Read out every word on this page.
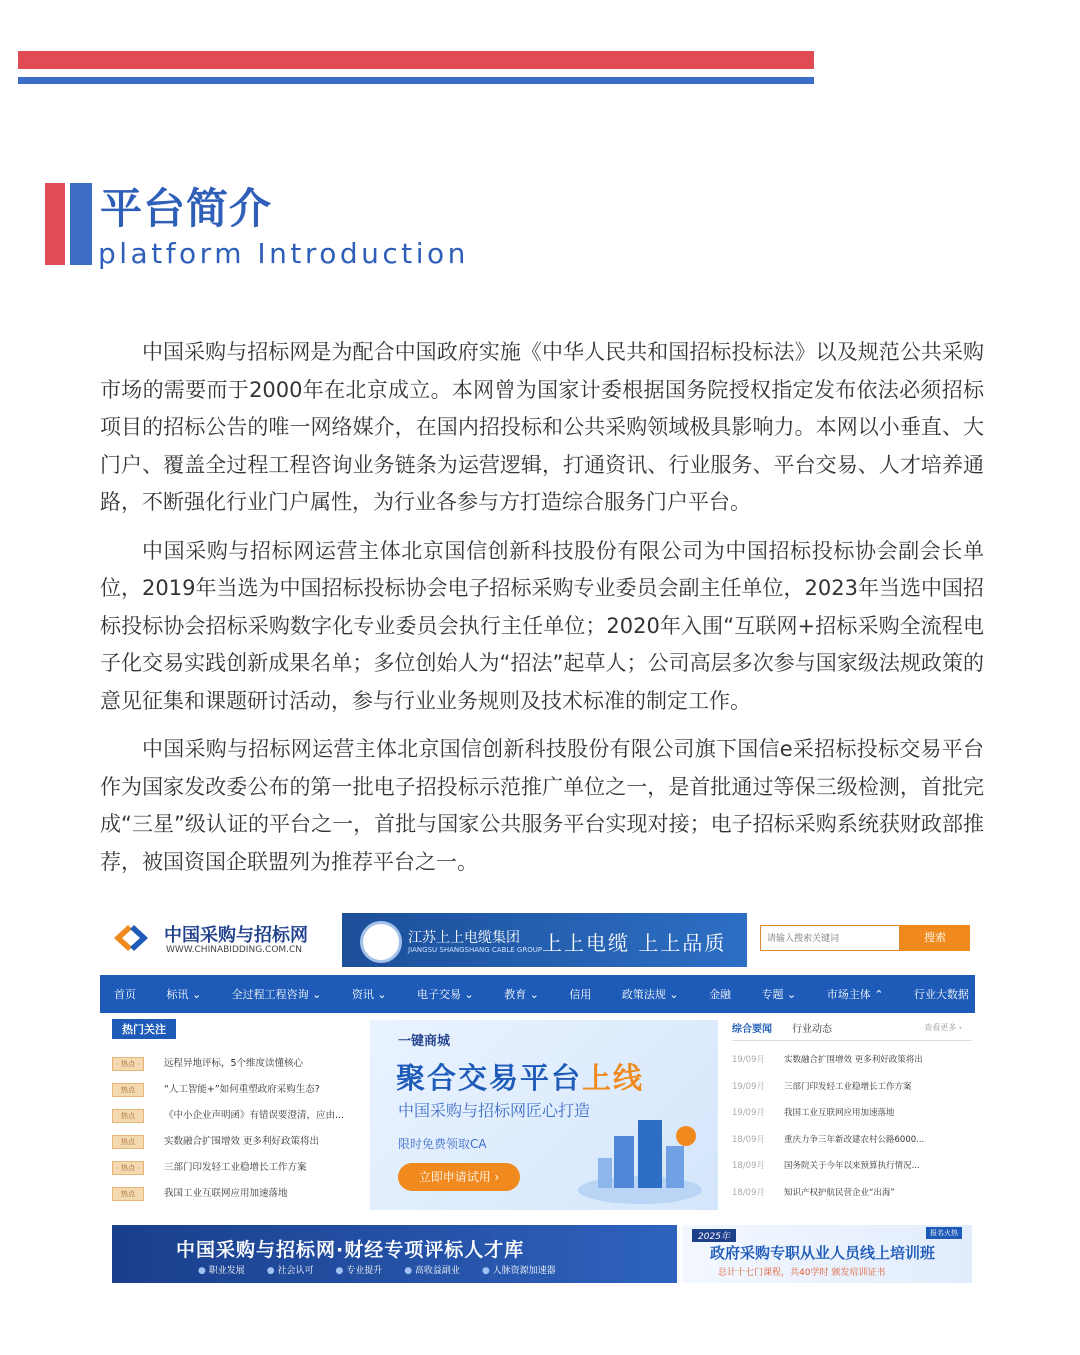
平台简介
platform Introduction

中国采购与招标网是为配合中国政府实施《中华人民共和国招标投标法》以及规范公共采购市场的需要而于2000年在北京成立。本网曾为国家计委根据国务院授权指定发布依法必须招标项目的招标公告的唯一网络媒介，在国内招投标和公共采购领域极具影响力。本网以小垂直、大门户、覆盖全过程工程咨询业务链条为运营逻辑，打通资讯、行业服务、平台交易、人才培养通路，不断强化行业门户属性，为行业各参与方打造综合服务门户平台。

中国采购与招标网运营主体北京国信创新科技股份有限公司为中国招标投标协会副会长单位，2019年当选为中国招标投标协会电子招标采购专业委员会副主任单位，2023年当选中国招标投标协会招标采购数字化专业委员会执行主任单位；2020年入围“互联网+招标采购全流程电子化交易实践创新成果名单；多位创始人为“招法”起草人；公司高层多次参与国家级法规政策的意见征集和课题研讨活动，参与行业业务规则及技术标准的制定工作。

中国采购与招标网运营主体北京国信创新科技股份有限公司旗下国信e采招标投标交易平台作为国家发改委公布的第一批电子招投标示范推广单位之一，是首批通过等保三级检测，首批完成“三星”级认证的平台之一，首批与国家公共服务平台实现对接；电子招标采购系统获财政部推荐，被国资国企联盟列为推荐平台之一。

中国采购与招标网
WWW.CHINABIDDING.COM.CN
江苏上上电缆集团
JIANGSU SHANGSHANG CABLE GROUP 上上电缆 上上品质
请输入搜索关键词	搜索
首页	标讯 ⌄	全过程工程咨询 ⌄	资讯 ⌄	电子交易 ⌄	教育 ⌄	信用	政策法规 ⌄	金融	专题 ⌄	市场主体 ⌃	行业大数据
热门关注
热点	远程异地评标，5个维度读懂核心
热点	“人工智能+”如何重塑政府采购生态?
热点	《中小企业声明函》有错误要澄清，应由...
热点	实数融合扩围增效 更多利好政策将出
热点	三部门印发轻工业稳增长工作方案
热点	我国工业互联网应用加速落地
一键商城
聚合交易平台上线
中国采购与招标网匠心打造
限时免费领取CA
立即申请试用 ›
综合要闻 行业动态	查看更多 ›
19/09月	实数融合扩围增效 更多利好政策将出
19/09月	三部门印发轻工业稳增长工作方案
19/09月	我国工业互联网应用加速落地
18/09月	重庆力争三年新改建农村公路6000...
18/09月	国务院关于今年以来预算执行情况...
18/09月	知识产权护航民营企业“出海”
中国采购与招标网·财经专项评标人才库
● 职业发展	● 社会认可	● 专业提升	● 高收益副业	● 人脉资源加速器
2025年	报名火热
政府采购专职从业人员线上培训班
总计十七门课程，共40学时 颁发培训证书
